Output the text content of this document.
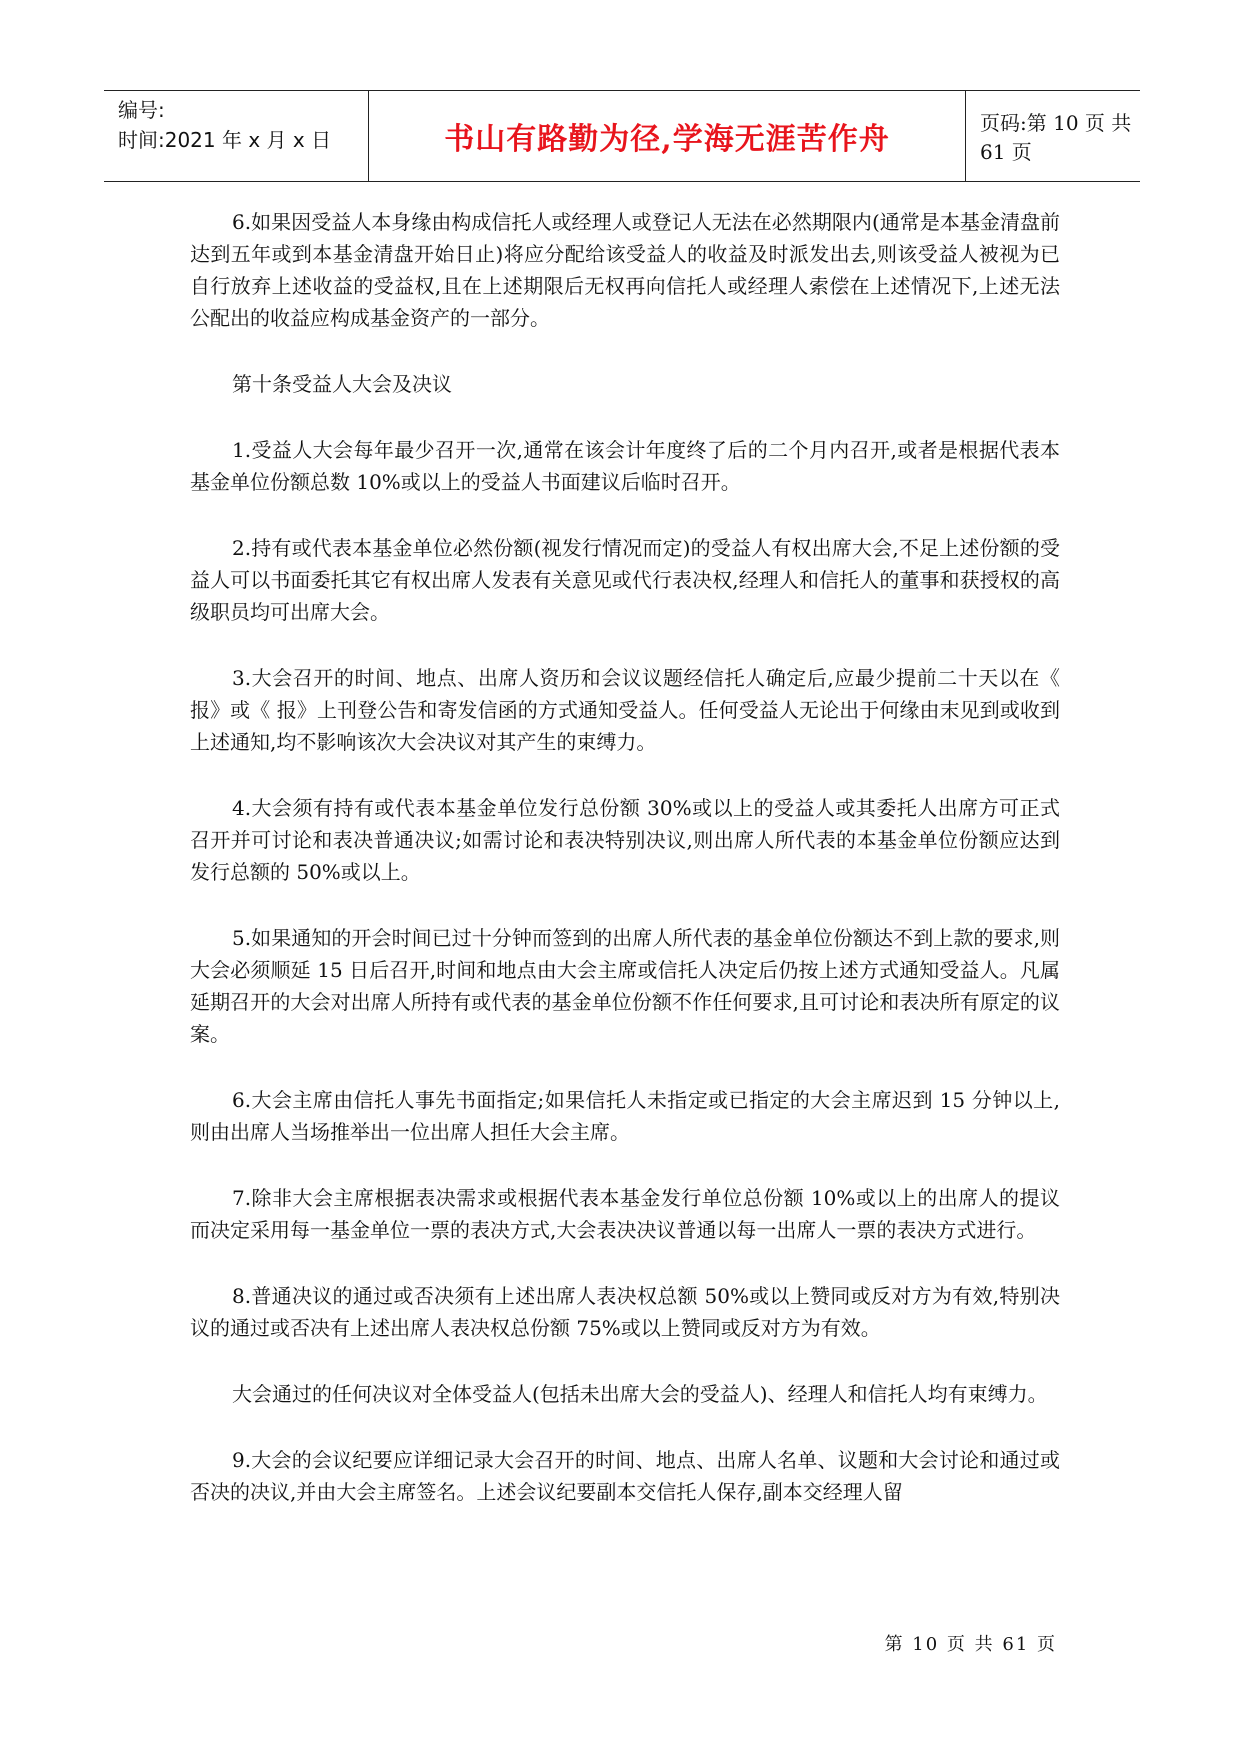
编号:
时间:2021 年 x 月 x 日	书山有路勤为径,学海无涯苦作舟	页码:第 10 页 共 61 页

6.如果因受益人本身缘由构成信托人或经理人或登记人无法在必然期限内(通常是本基金清盘前达到五年或到本基金清盘开始日止)将应分配给该受益人的收益及时派发出去,则该受益人被视为已自行放弃上述收益的受益权,且在上述期限后无权再向信托人或经理人索偿在上述情况下,上述无法公配出的收益应构成基金资产的一部分。

第十条受益人大会及决议

1.受益人大会每年最少召开一次,通常在该会计年度终了后的二个月内召开,或者是根据代表本基金单位份额总数 10%或以上的受益人书面建议后临时召开。

2.持有或代表本基金单位必然份额(视发行情况而定)的受益人有权出席大会,不足上述份额的受益人可以书面委托其它有权出席人发表有关意见或代行表决权,经理人和信托人的董事和获授权的高级职员均可出席大会。

3.大会召开的时间、地点、出席人资历和会议议题经信托人确定后,应最少提前二十天以在《 报》或《 报》上刊登公告和寄发信函的方式通知受益人。任何受益人无论出于何缘由末见到或收到上述通知,均不影响该次大会决议对其产生的束缚力。

4.大会须有持有或代表本基金单位发行总份额 30%或以上的受益人或其委托人出席方可正式召开并可讨论和表决普通决议;如需讨论和表决特别决议,则出席人所代表的本基金单位份额应达到发行总额的 50%或以上。

5.如果通知的开会时间已过十分钟而签到的出席人所代表的基金单位份额达不到上款的要求,则大会必须顺延 15 日后召开,时间和地点由大会主席或信托人决定后仍按上述方式通知受益人。凡属延期召开的大会对出席人所持有或代表的基金单位份额不作任何要求,且可讨论和表决所有原定的议案。

6.大会主席由信托人事先书面指定;如果信托人未指定或已指定的大会主席迟到 15 分钟以上,则由出席人当场推举出一位出席人担任大会主席。

7.除非大会主席根据表决需求或根据代表本基金发行单位总份额 10%或以上的出席人的提议而决定采用每一基金单位一票的表决方式,大会表决决议普通以每一出席人一票的表决方式进行。

8.普通决议的通过或否决须有上述出席人表决权总额 50%或以上赞同或反对方为有效,特别决议的通过或否决有上述出席人表决权总份额 75%或以上赞同或反对方为有效。

大会通过的任何决议对全体受益人(包括未出席大会的受益人)、经理人和信托人均有束缚力。

9.大会的会议纪要应详细记录大会召开的时间、地点、出席人名单、议题和大会讨论和通过或否决的决议,并由大会主席签名。上述会议纪要副本交信托人保存,副本交经理人留

第 10 页 共 61 页
